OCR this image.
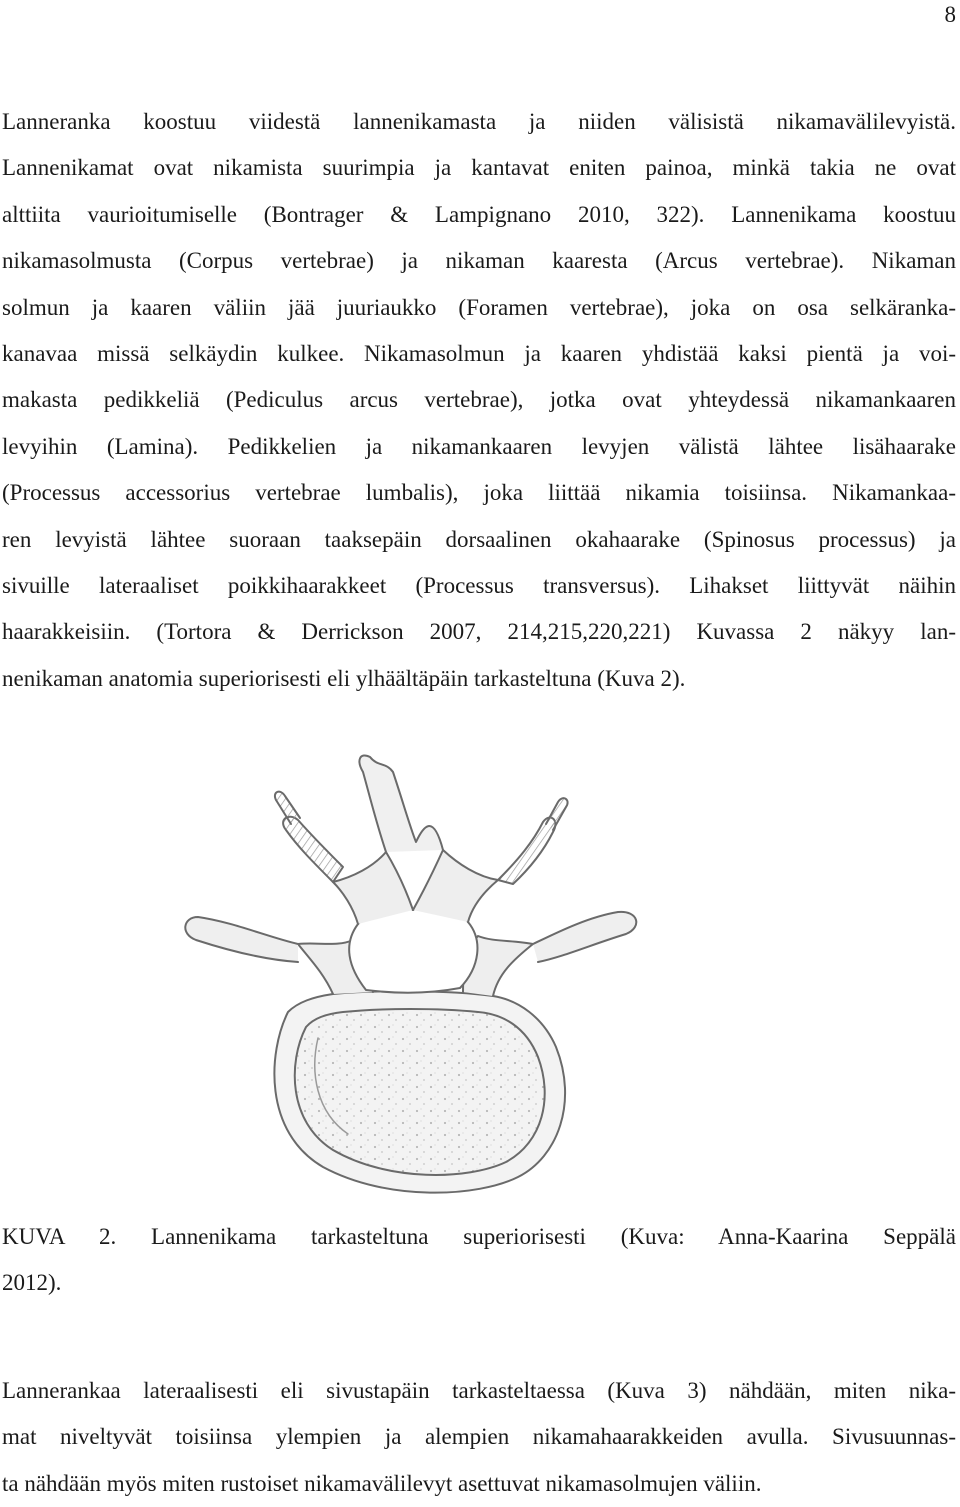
8

Lanneranka koostuu viidestä lannenikamasta ja niiden välisistä nikamavälilevyistä.
Lannenikamat ovat nikamista suurimpia ja kantavat eniten painoa, minkä takia ne ovat
alttiita vaurioitumiselle (Bontrager & Lampignano 2010, 322). Lannenikama koostuu
nikamasolmusta (Corpus vertebrae) ja nikaman kaaresta (Arcus vertebrae). Nikaman
solmun ja kaaren väliin jää juuriaukko (Foramen vertebrae), joka on osa selkäranka-
kanavaa missä selkäydin kulkee. Nikamasolmun ja kaaren yhdistää kaksi pientä ja voi-
makasta pedikkeliä (Pediculus arcus vertebrae), jotka ovat yhteydessä nikamankaaren
levyihin (Lamina). Pedikkelien ja nikamankaaren levyjen välistä lähtee lisähaarake
(Processus accessorius vertebrae lumbalis), joka liittää nikamia toisiinsa. Nikamankaa-
ren levyistä lähtee suoraan taaksepäin dorsaalinen okahaarake (Spinosus processus) ja
sivuille lateraaliset poikkihaarakkeet (Processus transversus). Lihakset liittyvät näihin
haarakkeisiin. (Tortora & Derrickson 2007, 214,215,220,221) Kuvassa 2 näkyy lan-
nenikaman anatomia superiorisesti eli ylhäältäpäin tarkasteltuna (Kuva 2).

KUVA 2. Lannenikama tarkasteltuna superiorisesti (Kuva: Anna-Kaarina Seppälä
2012).

Lannerankaa lateraalisesti eli sivustapäin tarkasteltaessa (Kuva 3) nähdään, miten nika-
mat niveltyvät toisiinsa ylempien ja alempien nikamahaarakkeiden avulla. Sivusuunnas-
ta nähdään myös miten rustoiset nikamavälilevyt asettuvat nikamasolmujen väliin.
